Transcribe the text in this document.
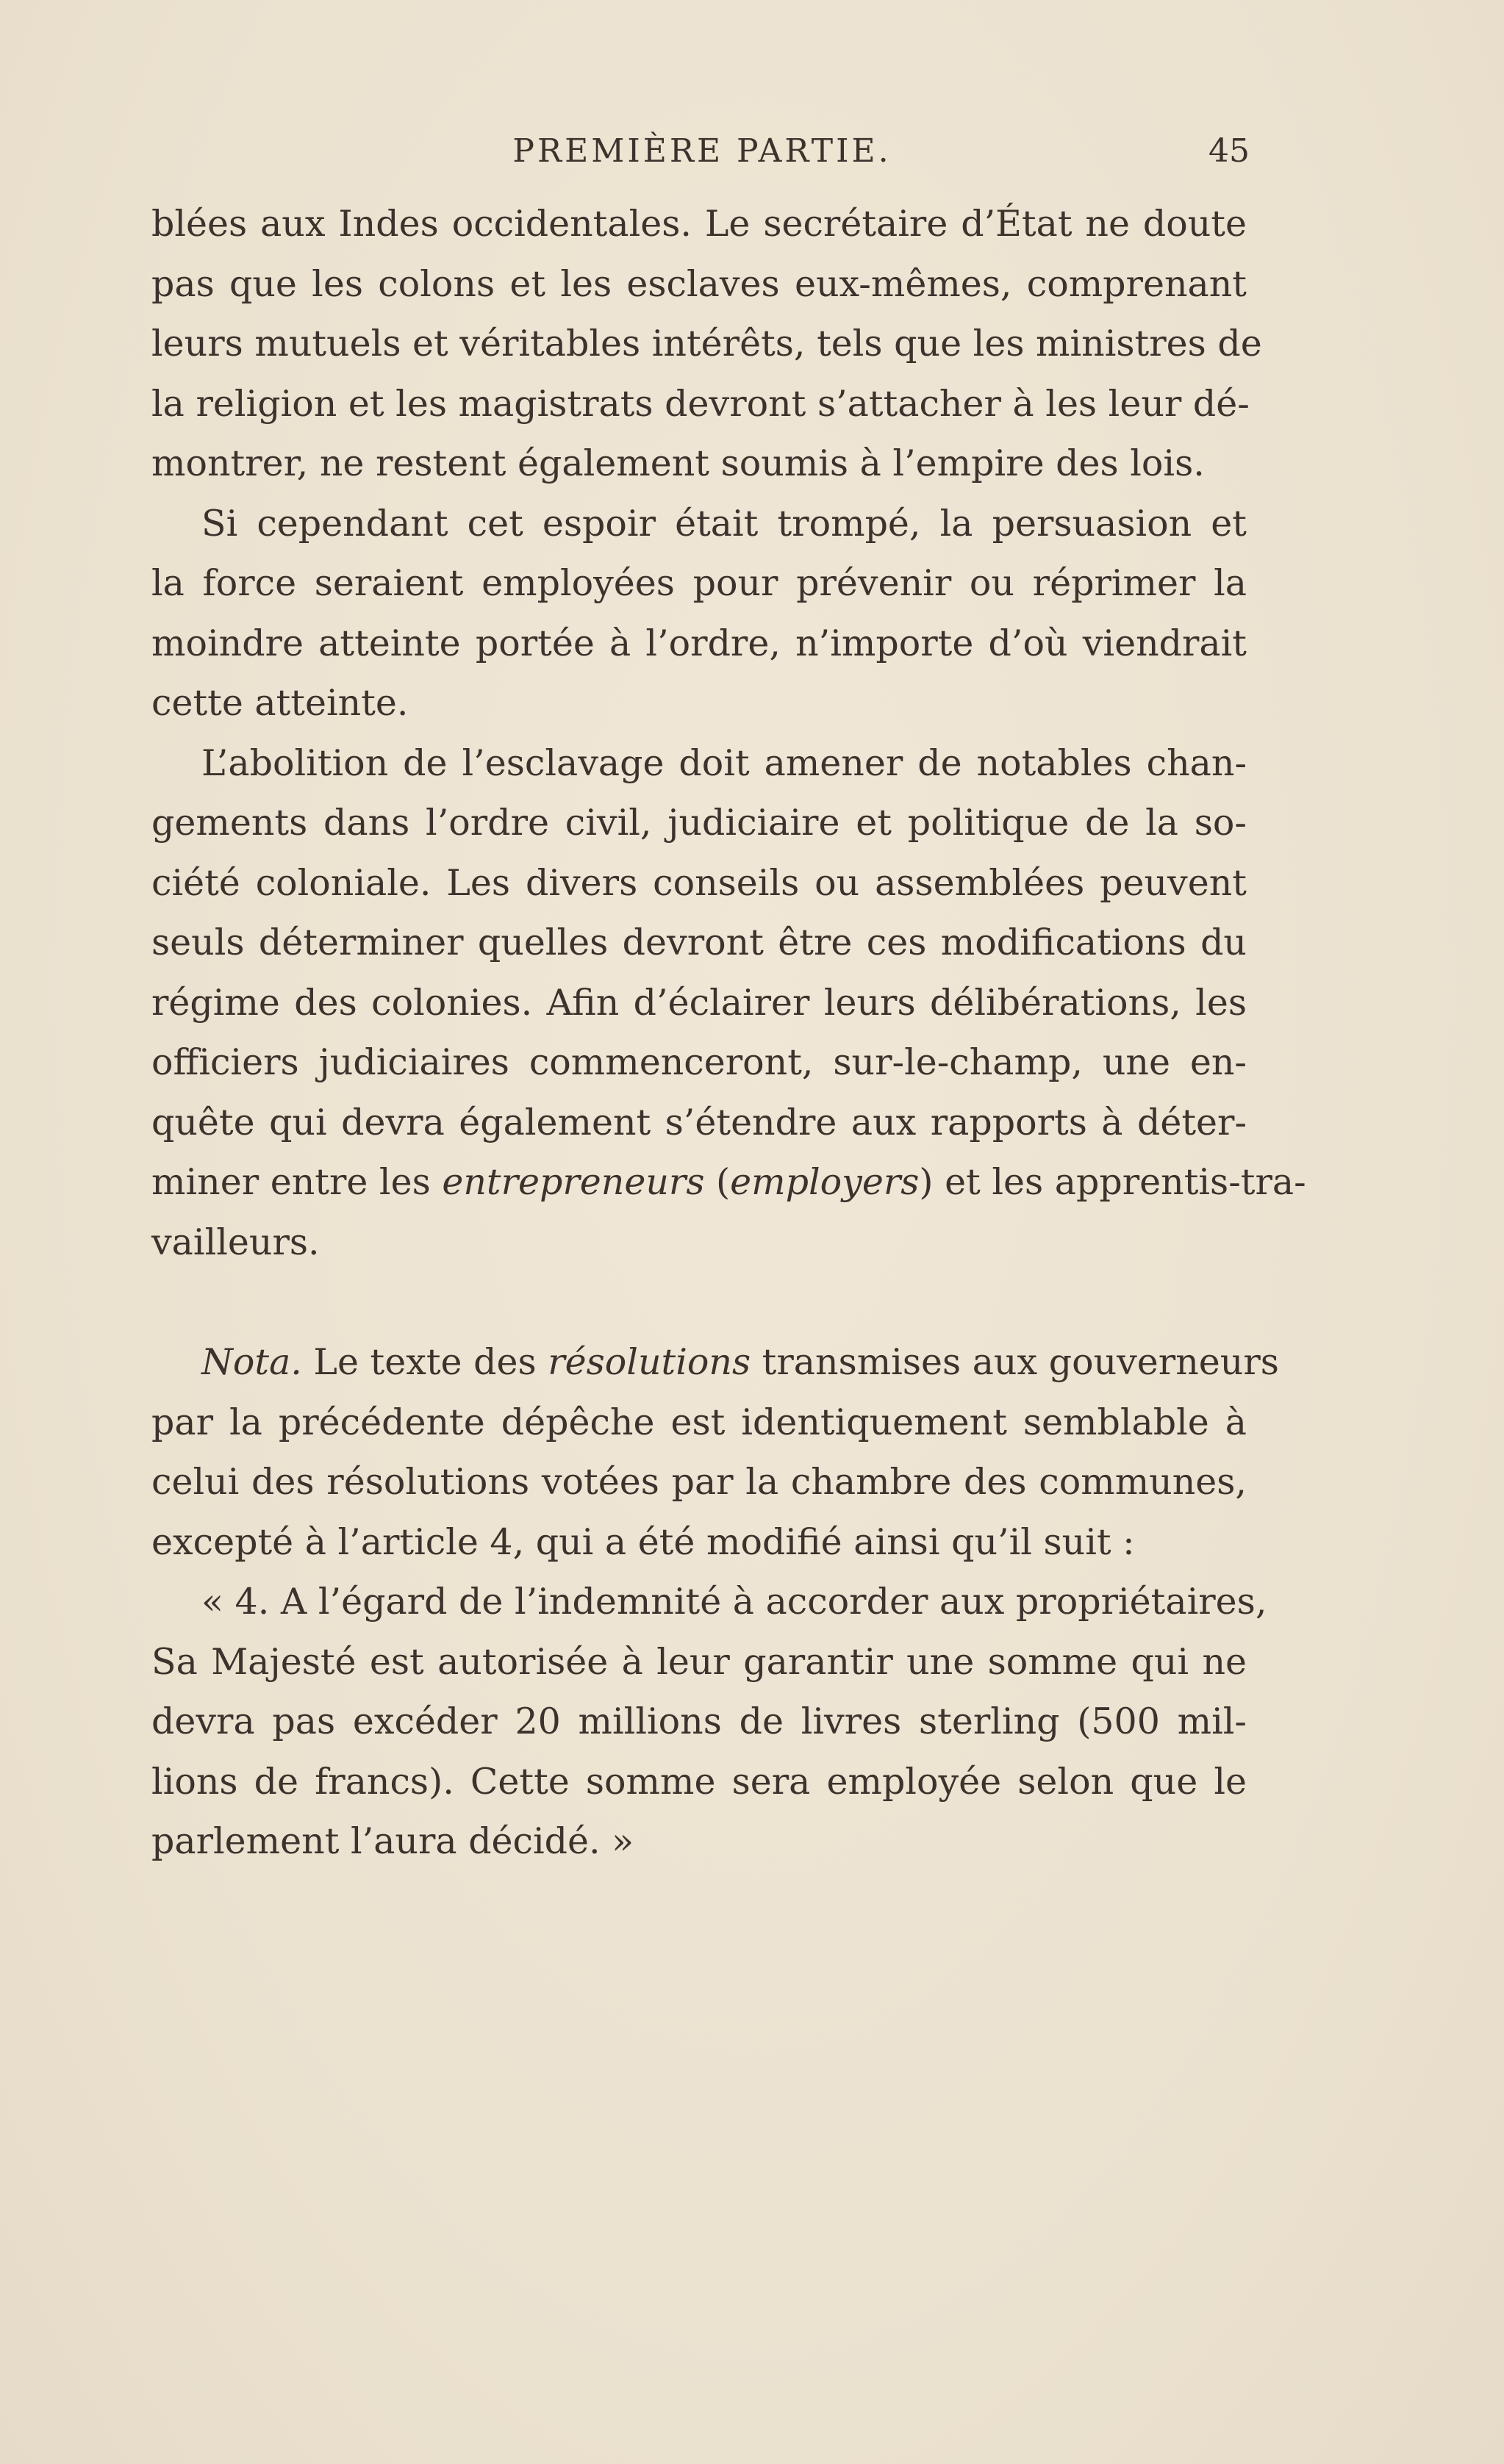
PREMIÈRE PARTIE.	45

blées aux Indes occidentales. Le secrétaire d’État ne doute
pas que les colons et les esclaves eux-mêmes, comprenant
leurs mutuels et véritables intérêts, tels que les ministres de
la religion et les magistrats devront s’attacher à les leur dé-
montrer, ne restent également soumis à l’empire des lois.

Si cependant cet espoir était trompé, la persuasion et
la force seraient employées pour prévenir ou réprimer la
moindre atteinte portée à l’ordre, n’importe d’où viendrait
cette atteinte.

L’abolition de l’esclavage doit amener de notables chan-
gements dans l’ordre civil, judiciaire et politique de la so-
ciété coloniale. Les divers conseils ou assemblées peuvent
seuls déterminer quelles devront être ces modifications du
régime des colonies. Afin d’éclairer leurs délibérations, les
officiers judiciaires commenceront, sur-le-champ, une en-
quête qui devra également s’étendre aux rapports à déter-
miner entre les entrepreneurs (employers) et les apprentis-tra-
vailleurs.

Nota. Le texte des résolutions transmises aux gouverneurs
par la précédente dépêche est identiquement semblable à
celui des résolutions votées par la chambre des communes,
excepté à l’article 4, qui a été modifié ainsi qu’il suit :

« 4. A l’égard de l’indemnité à accorder aux propriétaires,
Sa Majesté est autorisée à leur garantir une somme qui ne
devra pas excéder 20 millions de livres sterling (500 mil-
lions de francs). Cette somme sera employée selon que le
parlement l’aura décidé. »
